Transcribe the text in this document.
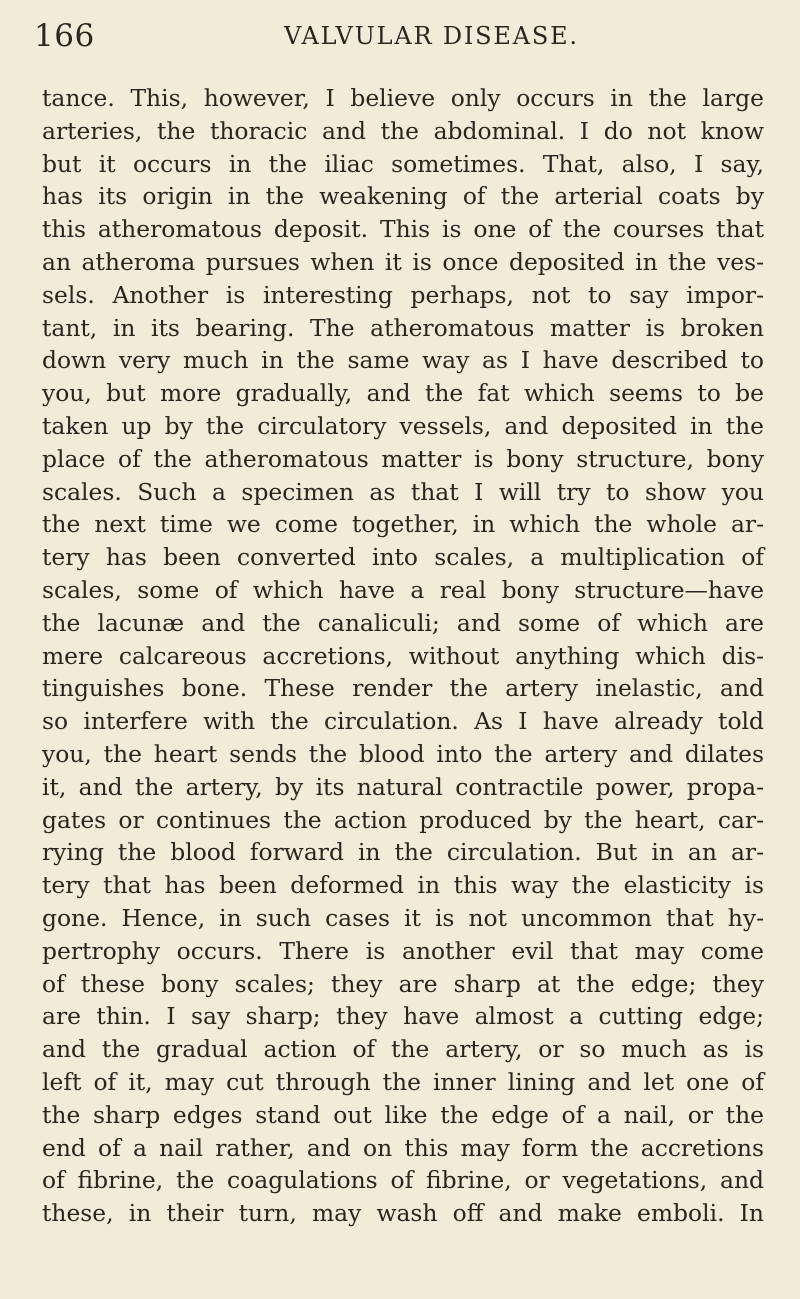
166	VALVULAR DISEASE.
tance. This, however, I believe only occurs in the large
arteries, the thoracic and the abdominal. I do not know
but it occurs in the iliac sometimes. That, also, I say,
has its origin in the weakening of the arterial coats by
this atheromatous deposit. This is one of the courses that
an atheroma pursues when it is once deposited in the ves-
sels. Another is interesting perhaps, not to say impor-
tant, in its bearing. The atheromatous matter is broken
down very much in the same way as I have described to
you, but more gradually, and the fat which seems to be
taken up by the circulatory vessels, and deposited in the
place of the atheromatous matter is bony structure, bony
scales. Such a specimen as that I will try to show you
the next time we come together, in which the whole ar-
tery has been converted into scales, a multiplication of
scales, some of which have a real bony structure—have
the lacunæ and the canaliculi; and some of which are
mere calcareous accretions, without anything which dis-
tinguishes bone. These render the artery inelastic, and
so interfere with the circulation. As I have already told
you, the heart sends the blood into the artery and dilates
it, and the artery, by its natural contractile power, propa-
gates or continues the action produced by the heart, car-
rying the blood forward in the circulation. But in an ar-
tery that has been deformed in this way the elasticity is
gone. Hence, in such cases it is not uncommon that hy-
pertrophy occurs. There is another evil that may come
of these bony scales; they are sharp at the edge; they
are thin. I say sharp; they have almost a cutting edge;
and the gradual action of the artery, or so much as is
left of it, may cut through the inner lining and let one of
the sharp edges stand out like the edge of a nail, or the
end of a nail rather, and on this may form the accretions
of fibrine, the coagulations of fibrine, or vegetations, and
these, in their turn, may wash off and make emboli. In
